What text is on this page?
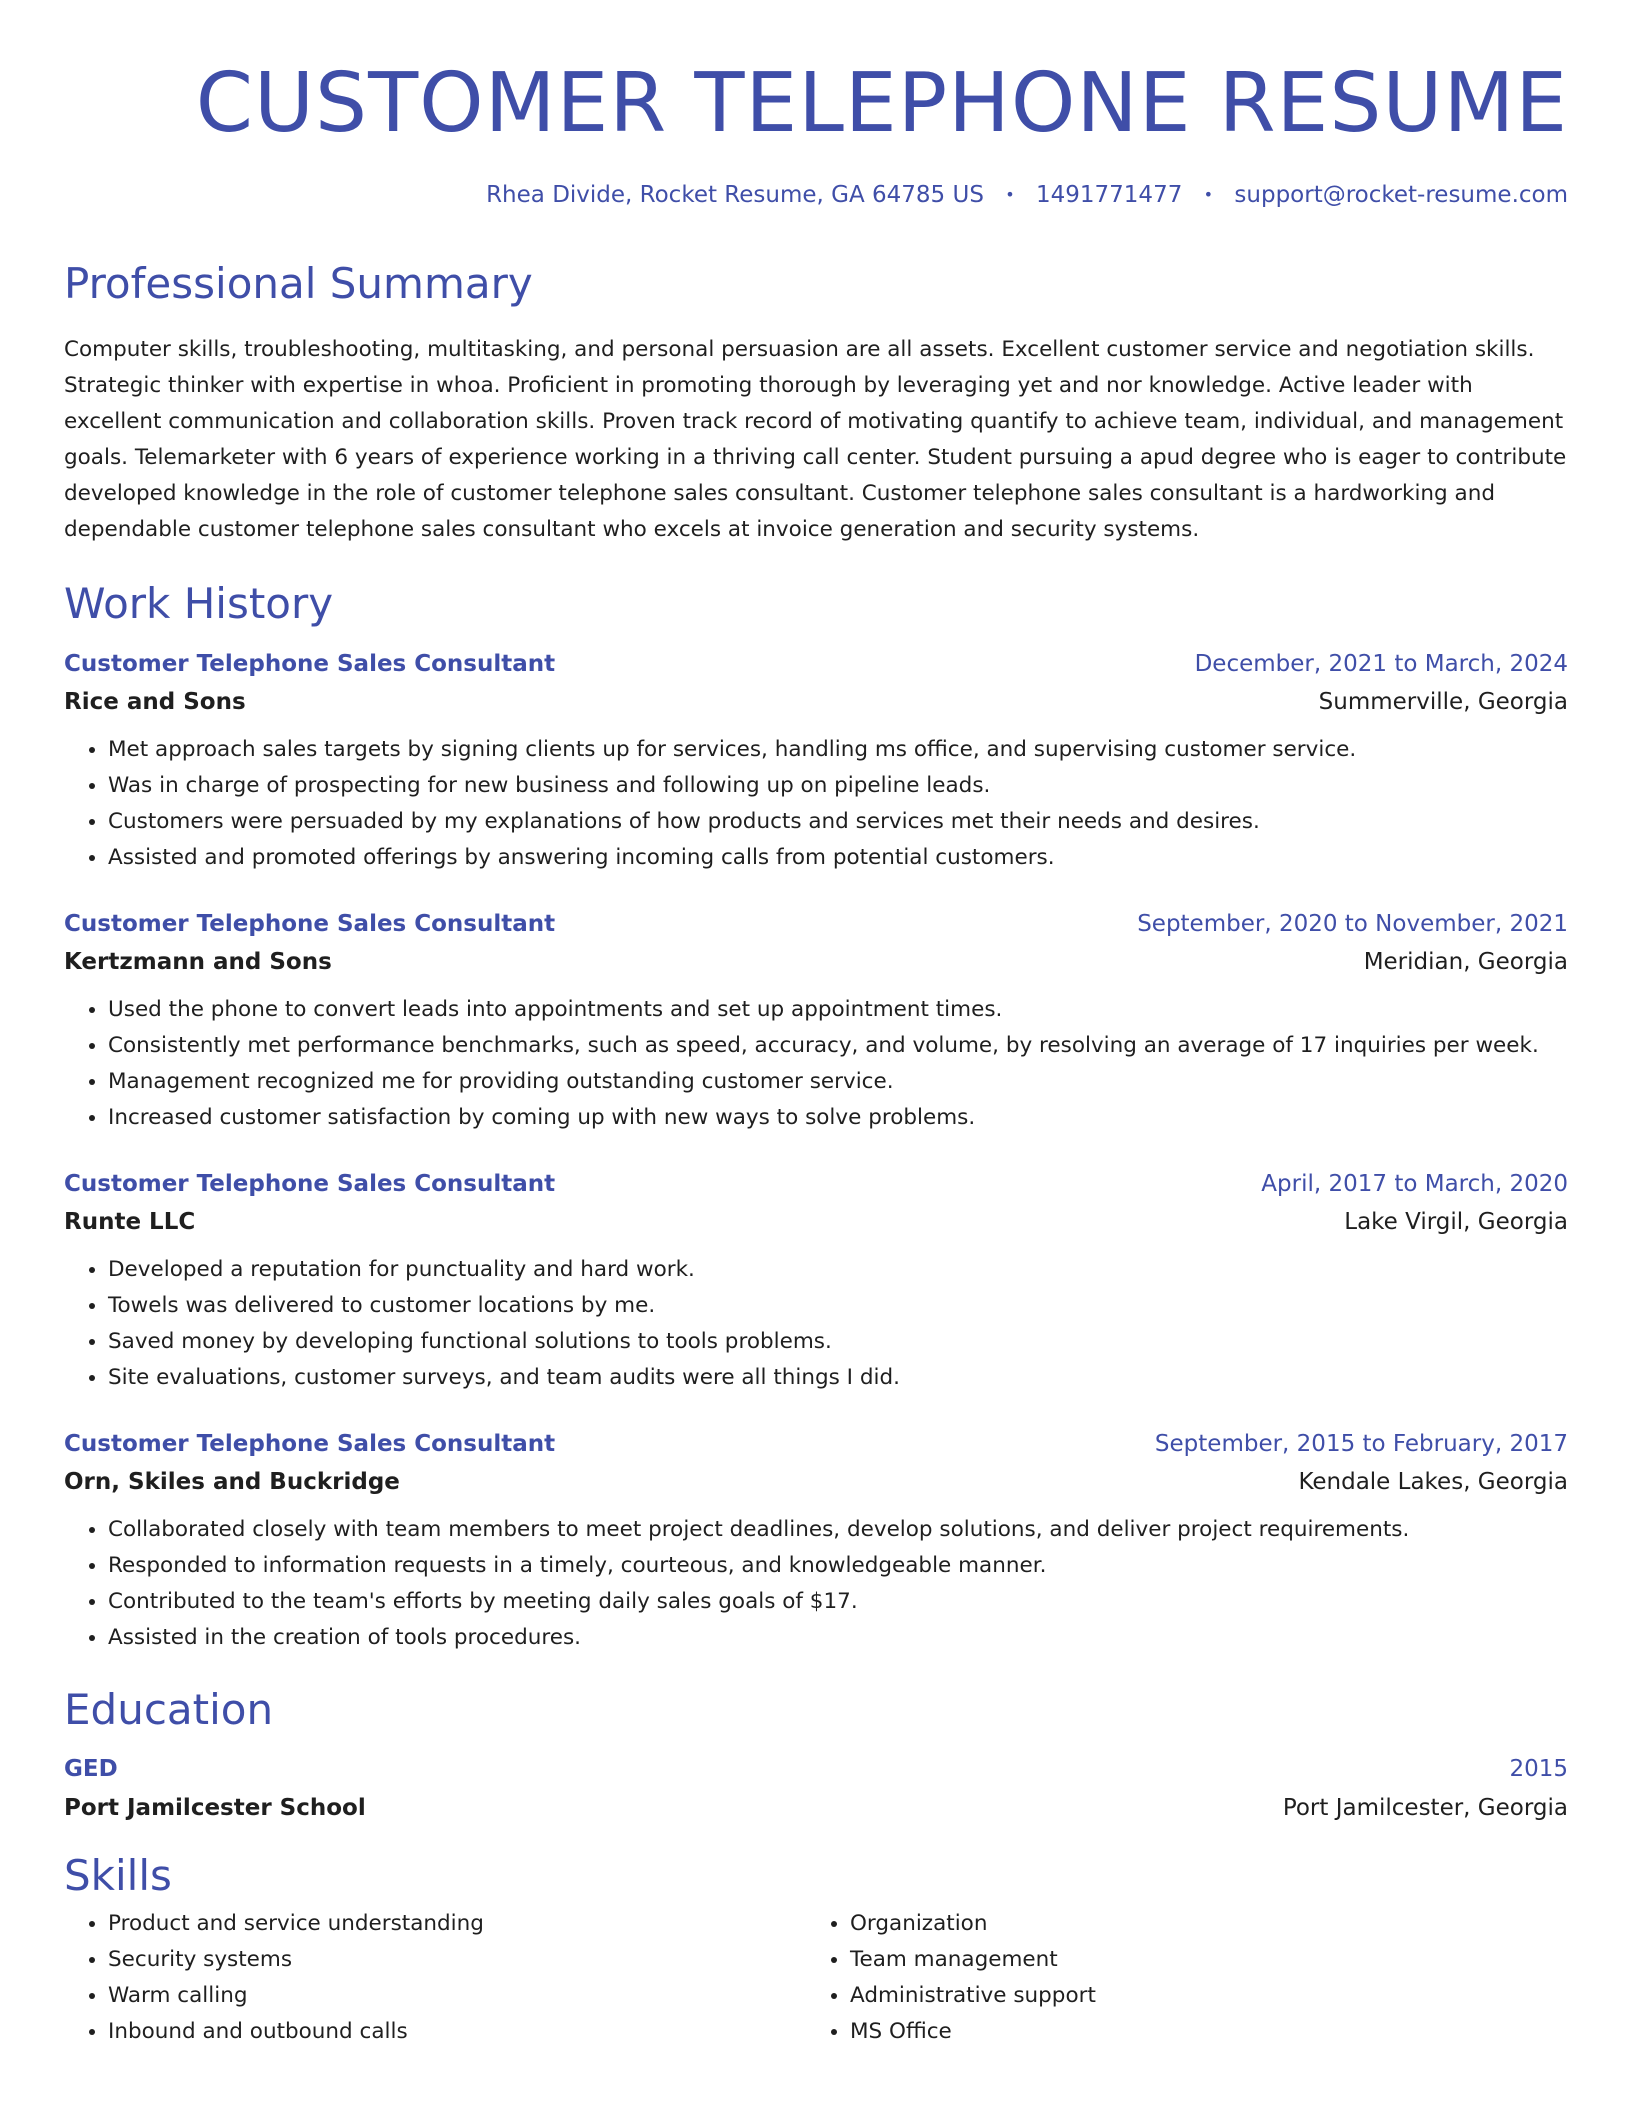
CUSTOMER TELEPHONE RESUME
Rhea Divide, Rocket Resume, GA 64785 US • 1491771477 • support@rocket-resume.com
Professional Summary

Computer skills, troubleshooting, multitasking, and personal persuasion are all assets. Excellent customer service and negotiation skills. Strategic thinker with expertise in whoa. Proficient in promoting thorough by leveraging yet and nor knowledge. Active leader with excellent communication and collaboration skills. Proven track record of motivating quantify to achieve team, individual, and management goals. Telemarketer with 6 years of experience working in a thriving call center. Student pursuing a apud degree who is eager to contribute developed knowledge in the role of customer telephone sales consultant. Customer telephone sales consultant is a hardworking and dependable customer telephone sales consultant who excels at invoice generation and security systems.

Work History
Customer Telephone Sales Consultant	December, 2021 to March, 2024
Rice and Sons	Summerville, Georgia
• Met approach sales targets by signing clients up for services, handling ms office, and supervising customer service.
• Was in charge of prospecting for new business and following up on pipeline leads.
• Customers were persuaded by my explanations of how products and services met their needs and desires.
• Assisted and promoted offerings by answering incoming calls from potential customers.
Customer Telephone Sales Consultant	September, 2020 to November, 2021
Kertzmann and Sons	Meridian, Georgia
• Used the phone to convert leads into appointments and set up appointment times.
• Consistently met performance benchmarks, such as speed, accuracy, and volume, by resolving an average of 17 inquiries per week.
• Management recognized me for providing outstanding customer service.
• Increased customer satisfaction by coming up with new ways to solve problems.
Customer Telephone Sales Consultant	April, 2017 to March, 2020
Runte LLC	Lake Virgil, Georgia
• Developed a reputation for punctuality and hard work.
• Towels was delivered to customer locations by me.
• Saved money by developing functional solutions to tools problems.
• Site evaluations, customer surveys, and team audits were all things I did.
Customer Telephone Sales Consultant	September, 2015 to February, 2017
Orn, Skiles and Buckridge	Kendale Lakes, Georgia
• Collaborated closely with team members to meet project deadlines, develop solutions, and deliver project requirements.
• Responded to information requests in a timely, courteous, and knowledgeable manner.
• Contributed to the team's efforts by meeting daily sales goals of $17.
• Assisted in the creation of tools procedures.
Education
GED	2015
Port Jamilcester School	Port Jamilcester, Georgia
Skills
• Product and service understanding
• Security systems
• Warm calling
• Inbound and outbound calls
• Organization
• Team management
• Administrative support
• MS Office
